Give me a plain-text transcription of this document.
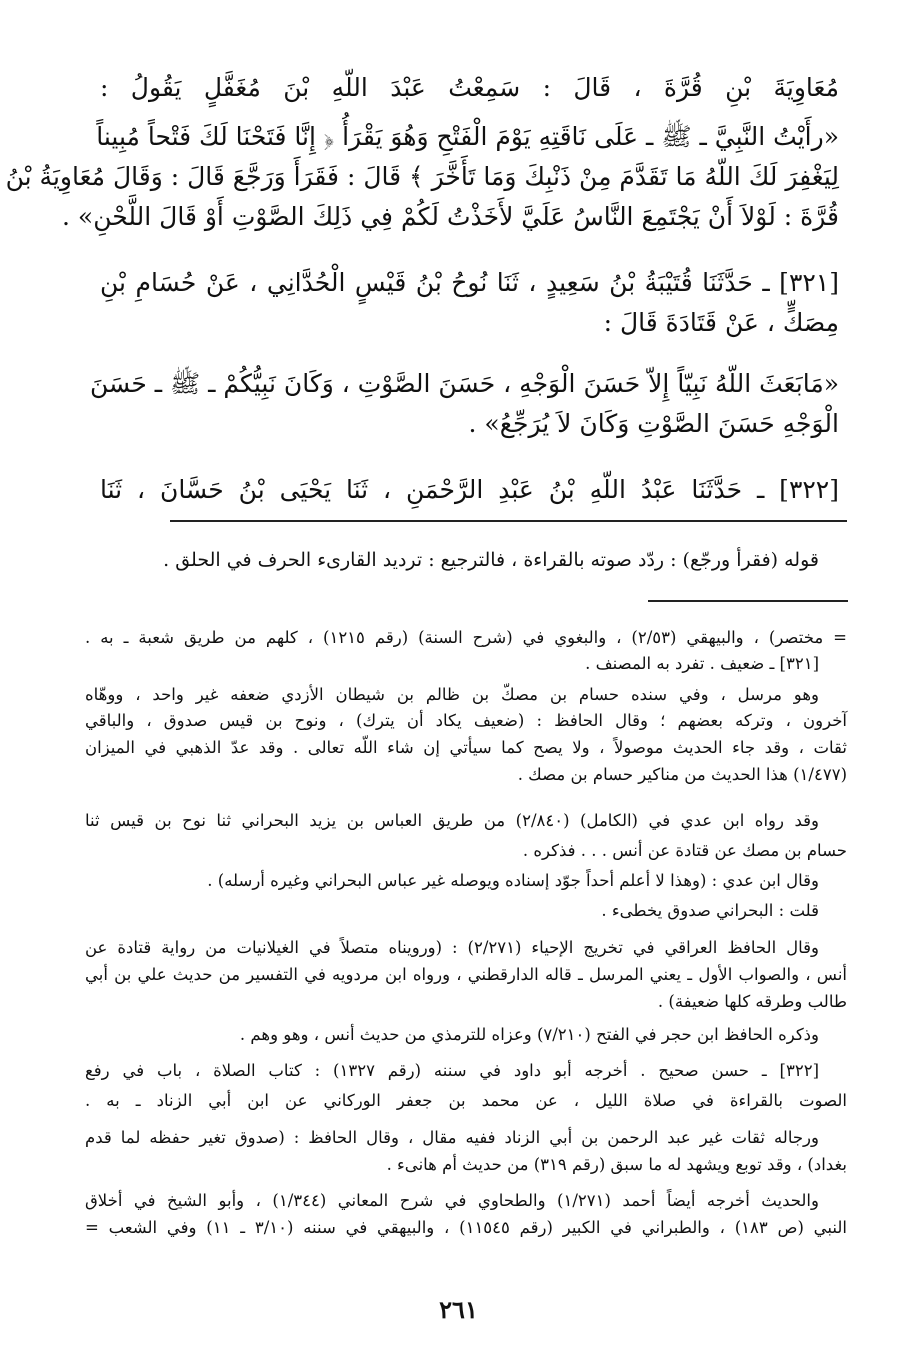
مُعَاوِيَةَ بْنِ قُرَّةَ ، قَالَ : سَمِعْتُ عَبْدَ اللّهِ بْنَ مُغَفَّلٍ يَقُولُ :
«رأَيْتُ النَّبِيَّ ـ ﷺ ـ عَلَى نَاقَتِهِ يَوْمَ الْفَتْحِ وَهُوَ يَقْرَأُ ﴿ إِنَّا فَتَحْنَا لَكَ فَتْحاً مُبِيناً
لِيَغْفِرَ لَكَ اللّهُ مَا تَقَدَّمَ مِنْ ذَنْبِكَ وَمَا تَأَخَّرَ ﴾ قَالَ : فَقَرَأَ وَرَجَّعَ قَالَ : وَقَالَ مُعَاوِيَةُ بْنُ
قُرَّةَ : لَوْلاَ أَنْ يَجْتَمِعَ النَّاسُ عَلَيَّ لأَخَذْتُ لَكُمْ فِي ذَلِكَ الصَّوْتِ أَوْ قَالَ اللَّحْنِ» .
[٣٢١] ـ حَدَّثَنَا قُتَيْبَةُ بْنُ سَعِيدٍ ، ثَنَا نُوحُ بْنُ قَيْسٍ الْحُدَّانِي ، عَنْ حُسَامِ بْنِ
مِصَكٍّ ، عَنْ قَتَادَةَ قَالَ :
«مَابَعَثَ اللّهُ نَبِيّاً إِلاّ حَسَنَ الْوَجْهِ ، حَسَنَ الصَّوْتِ ، وَكَانَ نَبِيُّكُمْ ـ ﷺ ـ حَسَنَ
الْوَجْهِ حَسَنَ الصَّوْتِ وَكَانَ لاَ يُرَجِّعُ» .
[٣٢٢] ـ حَدَّثَنَا عَبْدُ اللّهِ بْنُ عَبْدِ الرَّحْمَنِ ، ثَنَا يَحْيَى بْنُ حَسَّانَ ، ثَنَا
قوله (فقرأ ورجّع) : ردّد صوته بالقراءة ، فالترجيع : ترديد القارىء الحرف في الحلق .
= مختصر) ، والبيهقي (٢/٥٣) ، والبغوي في (شرح السنة) (رقم ١٢١٥) ، كلهم من طريق شعبة ـ به .
[٣٢١] ـ ضعيف . تفرد به المصنف .
وهو مرسل ، وفي سنده حسام بن مصكّ بن ظالم بن شيطان الأزدي ضعفه غير واحد ، ووهّاه
آخرون ، وتركه بعضهم ؛ وقال الحافظ : (ضعيف يكاد أن يترك) ، ونوح بن قيس صدوق ، والباقي
ثقات ، وقد جاء الحديث موصولاً ، ولا يصح كما سيأتي إن شاء اللّه تعالى . وقد عدّ الذهبي في الميزان
(١/٤٧٧) هذا الحديث من مناكير حسام بن مصك .
وقد رواه ابن عدي في (الكامل) (٢/٨٤٠) من طريق العباس بن يزيد البحراني ثنا نوح بن قيس ثنا
حسام بن مصك عن قتادة عن أنس . . . فذكره .
وقال ابن عدي : (وهذا لا أعلم أحداً جوّد إسناده ويوصله غير عباس البحراني وغيره أرسله) .
قلت : البحراني صدوق يخطىء .
وقال الحافظ العراقي في تخريج الإحياء (٢/٢٧١) : (ورويناه متصلاً في الغيلانيات من رواية قتادة عن
أنس ، والصواب الأول ـ يعني المرسل ـ قاله الدارقطني ، ورواه ابن مردويه في التفسير من حديث علي بن أبي
طالب وطرقه كلها ضعيفة) .
وذكره الحافظ ابن حجر في الفتح (٧/٢١٠) وعزاه للترمذي من حديث أنس ، وهو وهم .
[٣٢٢] ـ حسن صحيح . أخرجه أبو داود في سننه (رقم ١٣٢٧) : كتاب الصلاة ، باب في رفع
الصوت بالقراءة في صلاة الليل ، عن محمد بن جعفر الوركاني عن ابن أبي الزناد ـ به .
ورجاله ثقات غير عبد الرحمن بن أبي الزناد ففيه مقال ، وقال الحافظ : (صدوق تغير حفظه لما قدم
بغداد) ، وقد توبع ويشهد له ما سبق (رقم ٣١٩) من حديث أم هانىء .
والحديث أخرجه أيضاً أحمد (١/٢٧١) والطحاوي في شرح المعاني (١/٣٤٤) ، وأبو الشيخ في أخلاق
النبي (ص ١٨٣) ، والطبراني في الكبير (رقم ١١٥٤٥) ، والبيهقي في سننه (٣/١٠ ـ ١١) وفي الشعب =
٢٦١
